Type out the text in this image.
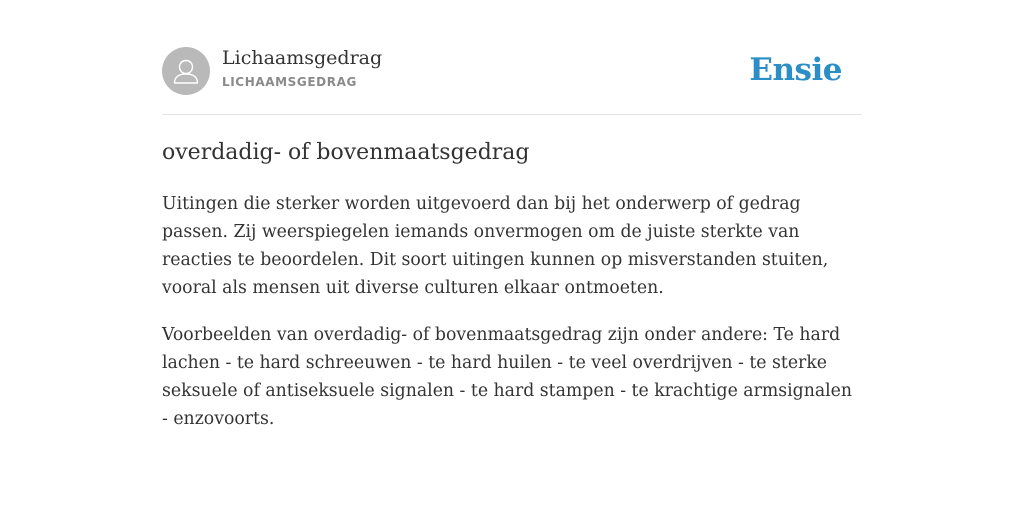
Lichaamsgedrag
LICHAAMSGEDRAG	Ensie
overdadig- of bovenmaatsgedrag

Uitingen die sterker worden uitgevoerd dan bij het onderwerp of gedrag passen. Zij weerspiegelen iemands onvermogen om de juiste sterkte van reacties te beoordelen. Dit soort uitingen kunnen op misverstanden stuiten, vooral als mensen uit diverse culturen elkaar ontmoeten.

Voorbeelden van overdadig- of bovenmaatsgedrag zijn onder andere: Te hard lachen - te hard schreeuwen - te hard huilen - te veel overdrijven - te sterke seksuele of antiseksuele signalen - te hard stampen - te krachtige armsignalen - enzovoorts.
